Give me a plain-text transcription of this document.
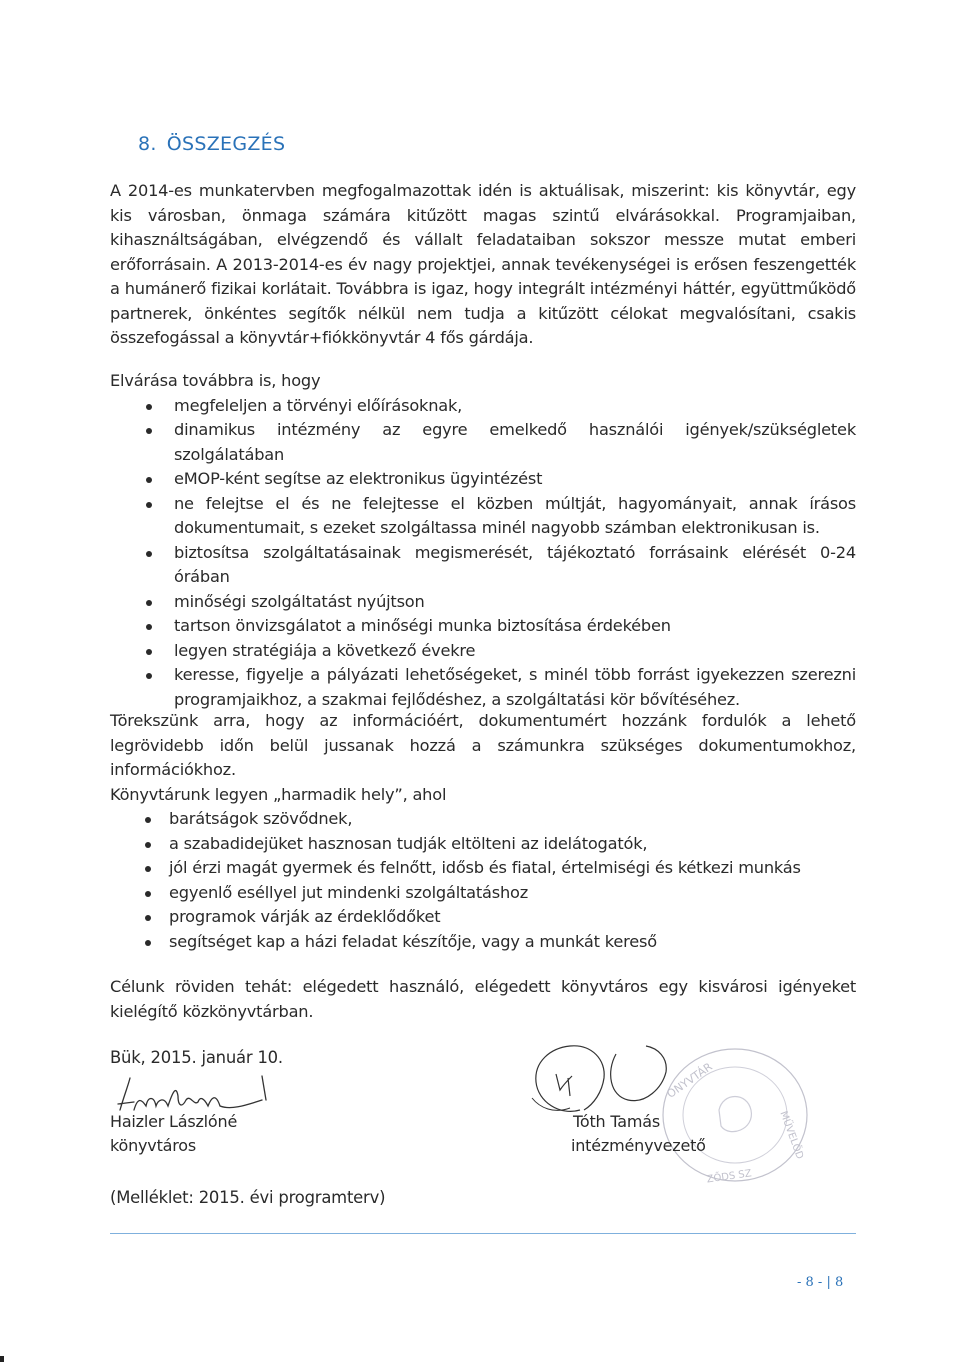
8. ÖSSZEGZÉS

A 2014-es munkatervben megfogalmazottak idén is aktuálisak, miszerint: kis könyvtár, egy kis városban, önmaga számára kitűzött magas szintű elvárásokkal. Programjaiban, kihasználtságában, elvégzendő és vállalt feladataiban sokszor messze mutat emberi erőforrásain. A 2013-2014-es év nagy projektjei, annak tevékenységei is erősen feszengették a humánerő fizikai korlátait. Továbbra is igaz, hogy integrált intézményi háttér, együttműködő partnerek, önkéntes segítők nélkül nem tudja a kitűzött célokat megvalósítani, csakis összefogással a könyvtár+fiókkönyvtár 4 fős gárdája.

Elvárása továbbra is, hogy

megfeleljen a törvényi előírásoknak,
dinamikus intézmény az egyre emelkedő használói igények/szükségletek szolgálatában
eMOP-ként segítse az elektronikus ügyintézést
ne felejtse el és ne felejtesse el közben múltját, hagyományait, annak írásos dokumentumait, s ezeket szolgáltassa minél nagyobb számban elektronikusan is.
biztosítsa szolgáltatásainak megismerését, tájékoztató forrásaink elérését 0-24 órában
minőségi szolgáltatást nyújtson
tartson önvizsgálatot a minőségi munka biztosítása érdekében
legyen stratégiája a következő évekre
keresse, figyelje a pályázati lehetőségeket, s minél több forrást igyekezzen szerezni programjaikhoz, a szakmai fejlődéshez, a szolgáltatási kör bővítéséhez.

Törekszünk arra, hogy az információért, dokumentumért hozzánk fordulók a lehető legrövidebb időn belül jussanak hozzá a számunkra szükséges dokumentumokhoz, információkhoz.

Könyvtárunk legyen „harmadik hely”, ahol

barátságok szövődnek,
a szabadidejüket hasznosan tudják eltölteni az idelátogatók,
jól érzi magát gyermek és felnőtt, idősb és fiatal, értelmiségi és kétkezi munkás
egyenlő eséllyel jut mindenki szolgáltatáshoz
programok várják az érdeklődőket
segítséget kap a házi feladat készítője, vagy a munkát kereső

Célunk röviden tehát: elégedett használó, elégedett könyvtáros egy kisvárosi igényeket kielégítő közkönyvtárban.

Bük, 2015. január 10.
Haizler Lászlóné
könyvtáros
ONYVTÁR
MŰVELŐD
ZŐDS SZ
Tóth Tamás
intézményvezető
(Melléklet: 2015. évi programterv)
- 8 - | 8
